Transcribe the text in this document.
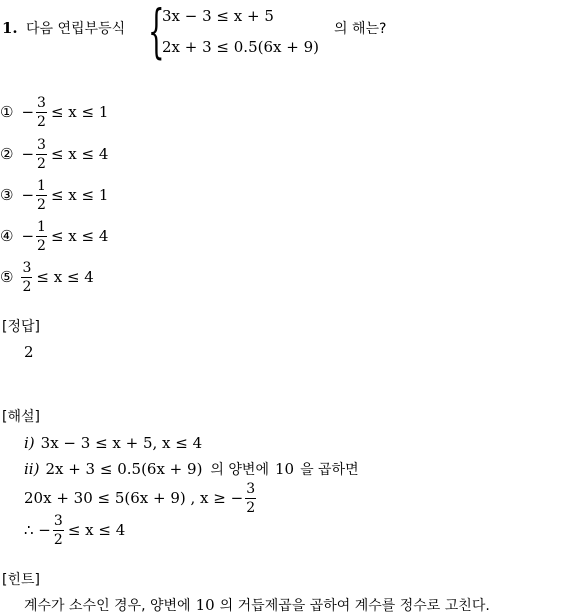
1. 다음 연립부등식 {
3x − 3 ≤ x + 5
2x + 3 ≤ 0.5(6x + 9)
의 해는?
① − $\frac{3}{2} \le x \le 1$
② − $\frac{3}{2} \le x \le 4$
③ − $\frac{1}{2} \le x \le 1$
④ − $\frac{1}{2} \le x \le 4$
⑤ $\frac{3}{2} \le x \le 4$
[정답]
2
[해설]
i) 3x − 3 ≤ x + 5, x ≤ 4
ii) 2x + 3 ≤ 0.5(6x + 9) 의 양변에 10 을 곱하면
20x + 30 ≤ 5(6x + 9) , x ≥ − $\frac{3}{2}$
∴ − $\frac{3}{2} \le x \le 4$
[힌트]
계수가 소수인 경우, 양변에 10 의 거듭제곱을 곱하여 계수를 정수로 고친다.
